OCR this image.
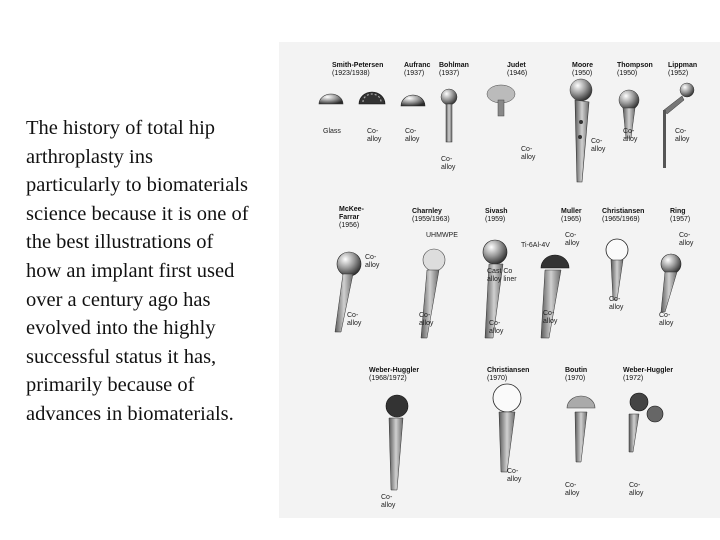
The history of total hip
arthroplasty ins
particularly to biomaterials
science because it is one of
the best illustrations of
how an implant first used
over a century ago has
evolved into the highly
successful status it has,
primarily because of
advances in biomaterials.
Smith-Petersen
(1923/1938)
Aufranc
(1937)
Bohlman
(1937)
Judet
(1946)
Moore
(1950)
Thompson
(1950)
Lippman
(1952)
Glass	Co-
alloy
Co-
alloy
Co-
alloy
Co-
alloy
Co-
alloy
Co-
alloy
Co-
alloy
McKee-
Farrar
(1956)
Charnley
(1959/1963)
Sivash
(1959)
Muller
(1965)
Christiansen
(1965/1969)
Ring
(1957)
UHMWPE
Ti-6Al-4V
Cast Co
alloy liner
Co-
alloy
Co-
alloy
Co-
alloy	Co-
alloy
Co-
alloy
Co-
alloy
Co-
alloy
Co-
alloy
Co-
alloy
Weber-Huggler
(1968/1972)
Christiansen
(1970)
Boutin
(1970)
Weber-Huggler
(1972)
Co-
alloy
Co-
alloy
Co-
alloy
Co-
alloy
